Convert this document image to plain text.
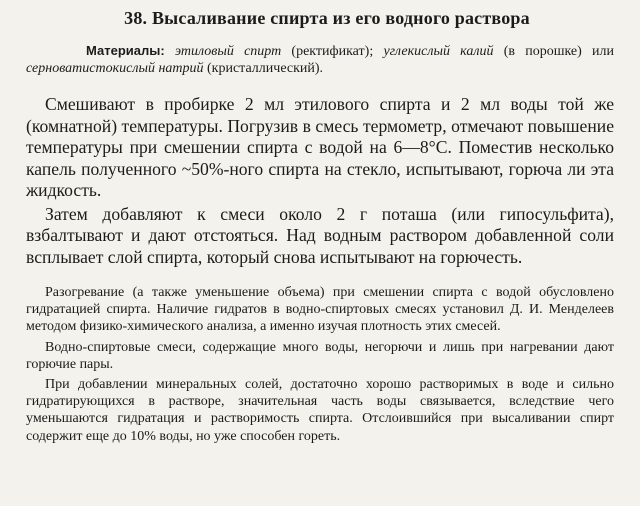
38. Высаливание спирта из его водного раствора

Материалы: этиловый спирт (ректификат); углекислый калий (в порошке) или серноватистокислый натрий (кристаллический).

Смешивают в пробирке 2 мл этилового спирта и 2 мл воды той же (комнатной) температуры. Погрузив в смесь термометр, отмечают повышение температуры при смешении спирта с водой на 6—8°С. Поместив несколько капель полученного ~50%-ного спирта на стекло, испытывают, горюча ли эта жидкость.

Затем добавляют к смеси около 2 г поташа (или гипосульфита), взбалтывают и дают отстояться. Над водным раствором добавленной соли всплывает слой спирта, который снова испытывают на горючесть.

Разогревание (а также уменьшение объема) при смешении спирта с водой обусловлено гидратацией спирта. Наличие гидратов в водно-спиртовых смесях установил Д. И. Менделеев методом физико-химического анализа, а именно изучая плотность этих смесей.

Водно-спиртовые смеси, содержащие много воды, негорючи и лишь при нагревании дают горючие пары.

При добавлении минеральных солей, достаточно хорошо растворимых в воде и сильно гидратирующихся в растворе, значительная часть воды связывается, вследствие чего уменьшаются гидратация и растворимость спирта. Отслоившийся при высаливании спирт содержит еще до 10% воды, но уже способен гореть.
